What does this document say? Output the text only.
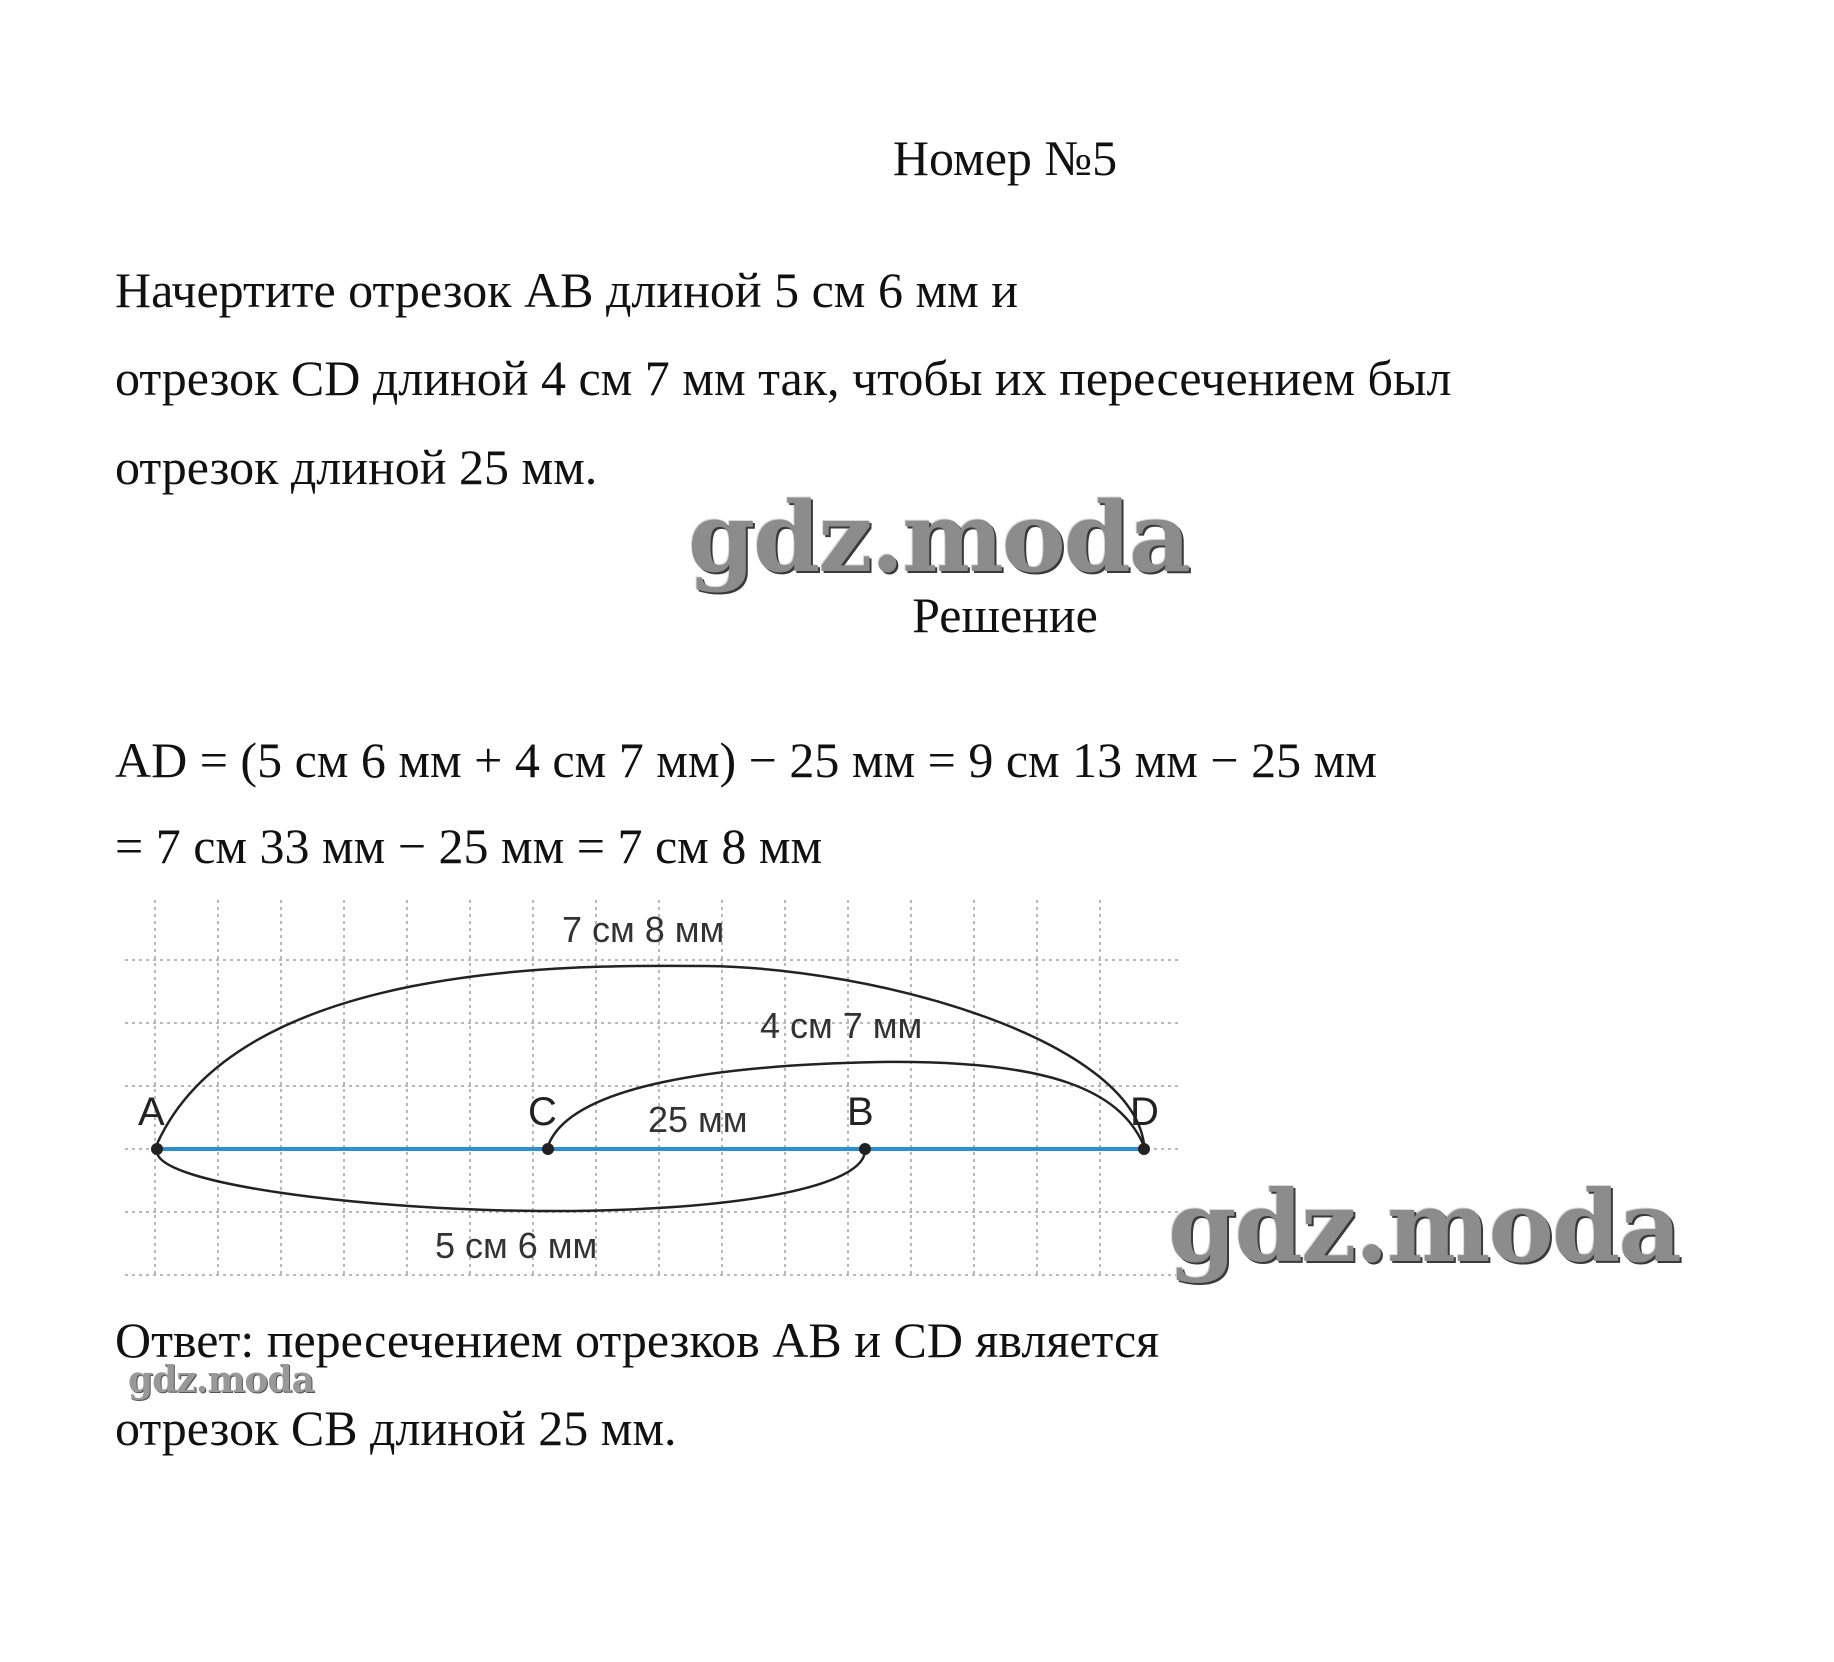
Номер №5
Начертите отрезок AB длиной 5 см 6 мм и
отрезок CD длиной 4 см 7 мм так, чтобы их пересечением был
отрезок длиной 25 мм.
gdz.moda
Решение
AD = (5 см 6 мм + 4 см 7 мм) − 25 мм = 9 см 13 мм − 25 мм
= 7 см 33 мм − 25 мм = 7 см 8 мм
A	C	B	D
7 см 8 мм
4 см 7 мм
25 мм
5 см 6 мм	gdz.moda
Ответ: пересечением отрезков AB и CD является
gdz.moda
отрезок CB длиной 25 мм.
